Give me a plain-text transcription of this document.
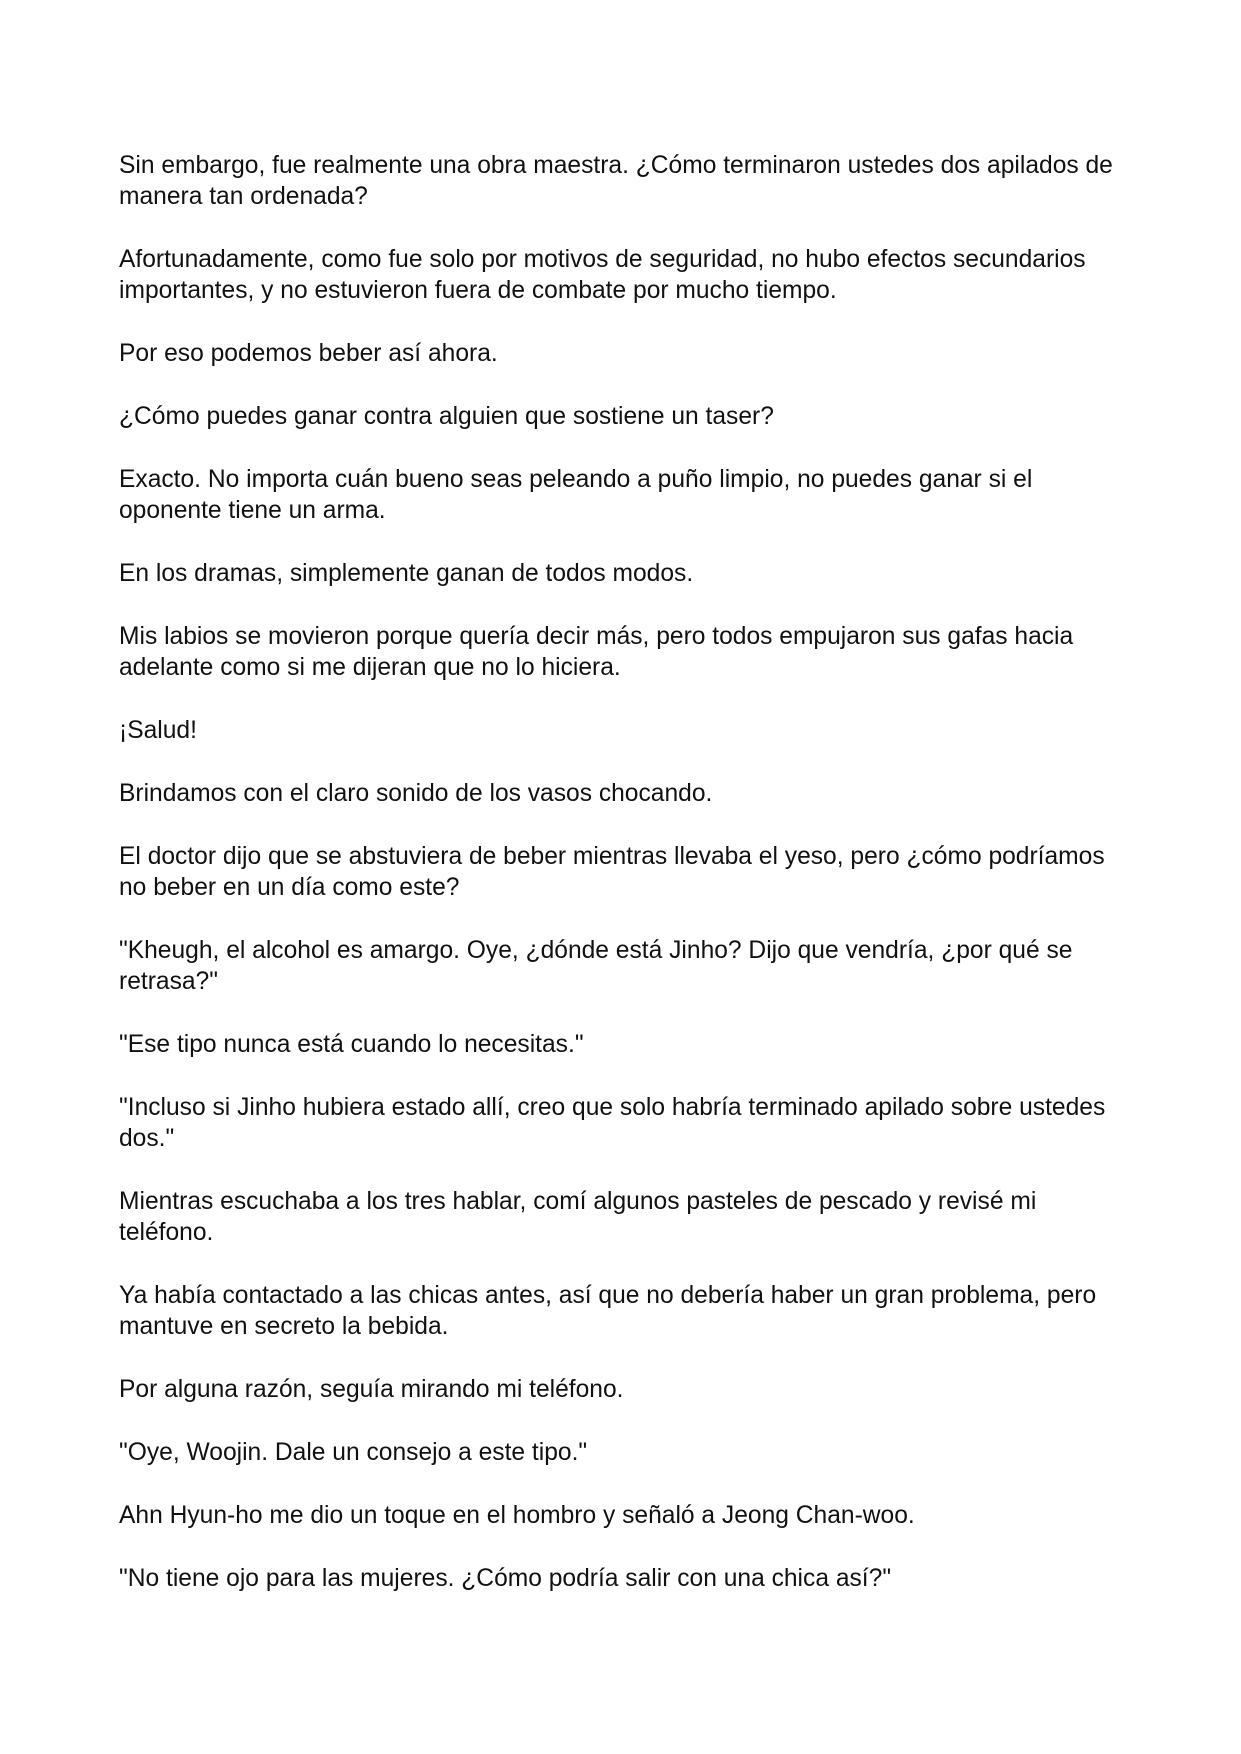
Sin embargo, fue realmente una obra maestra. ¿Cómo terminaron ustedes dos apilados de manera tan ordenada?

Afortunadamente, como fue solo por motivos de seguridad, no hubo efectos secundarios importantes, y no estuvieron fuera de combate por mucho tiempo.

Por eso podemos beber así ahora.

¿Cómo puedes ganar contra alguien que sostiene un taser?

Exacto. No importa cuán bueno seas peleando a puño limpio, no puedes ganar si el oponente tiene un arma.

En los dramas, simplemente ganan de todos modos.

Mis labios se movieron porque quería decir más, pero todos empujaron sus gafas hacia adelante como si me dijeran que no lo hiciera.

¡Salud!

Brindamos con el claro sonido de los vasos chocando.

El doctor dijo que se abstuviera de beber mientras llevaba el yeso, pero ¿cómo podríamos no beber en un día como este?

"Kheugh, el alcohol es amargo. Oye, ¿dónde está Jinho? Dijo que vendría, ¿por qué se retrasa?"

"Ese tipo nunca está cuando lo necesitas."

"Incluso si Jinho hubiera estado allí, creo que solo habría terminado apilado sobre ustedes dos."

Mientras escuchaba a los tres hablar, comí algunos pasteles de pescado y revisé mi teléfono.

Ya había contactado a las chicas antes, así que no debería haber un gran problema, pero mantuve en secreto la bebida.

Por alguna razón, seguía mirando mi teléfono.

"Oye, Woojin. Dale un consejo a este tipo."

Ahn Hyun-ho me dio un toque en el hombro y señaló a Jeong Chan-woo.

"No tiene ojo para las mujeres. ¿Cómo podría salir con una chica así?"
